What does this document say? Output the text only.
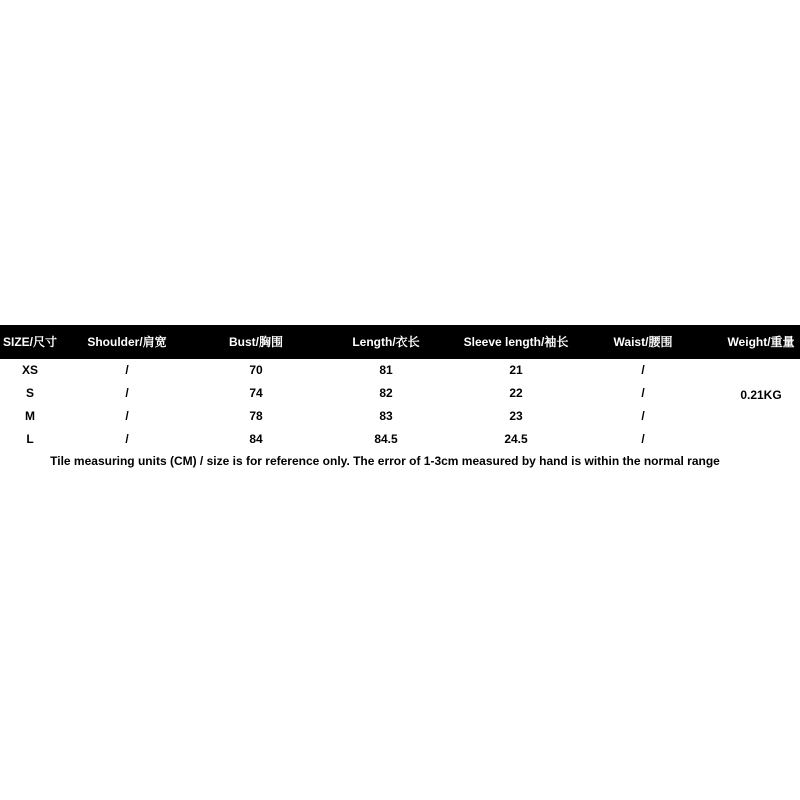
SIZE/尺寸	Shoulder/肩宽	Bust/胸围	Length/衣长	Sleeve length/袖长	Waist/腰围	Weight/重量
XS	/	70	81	21	/
S	/	74	82	22	/
M	/	78	83	23	/
L	/	84	84.5	24.5	/
0.21KG
Tile measuring units (CM) / size is for reference only. The error of 1-3cm measured by hand is within the normal range
